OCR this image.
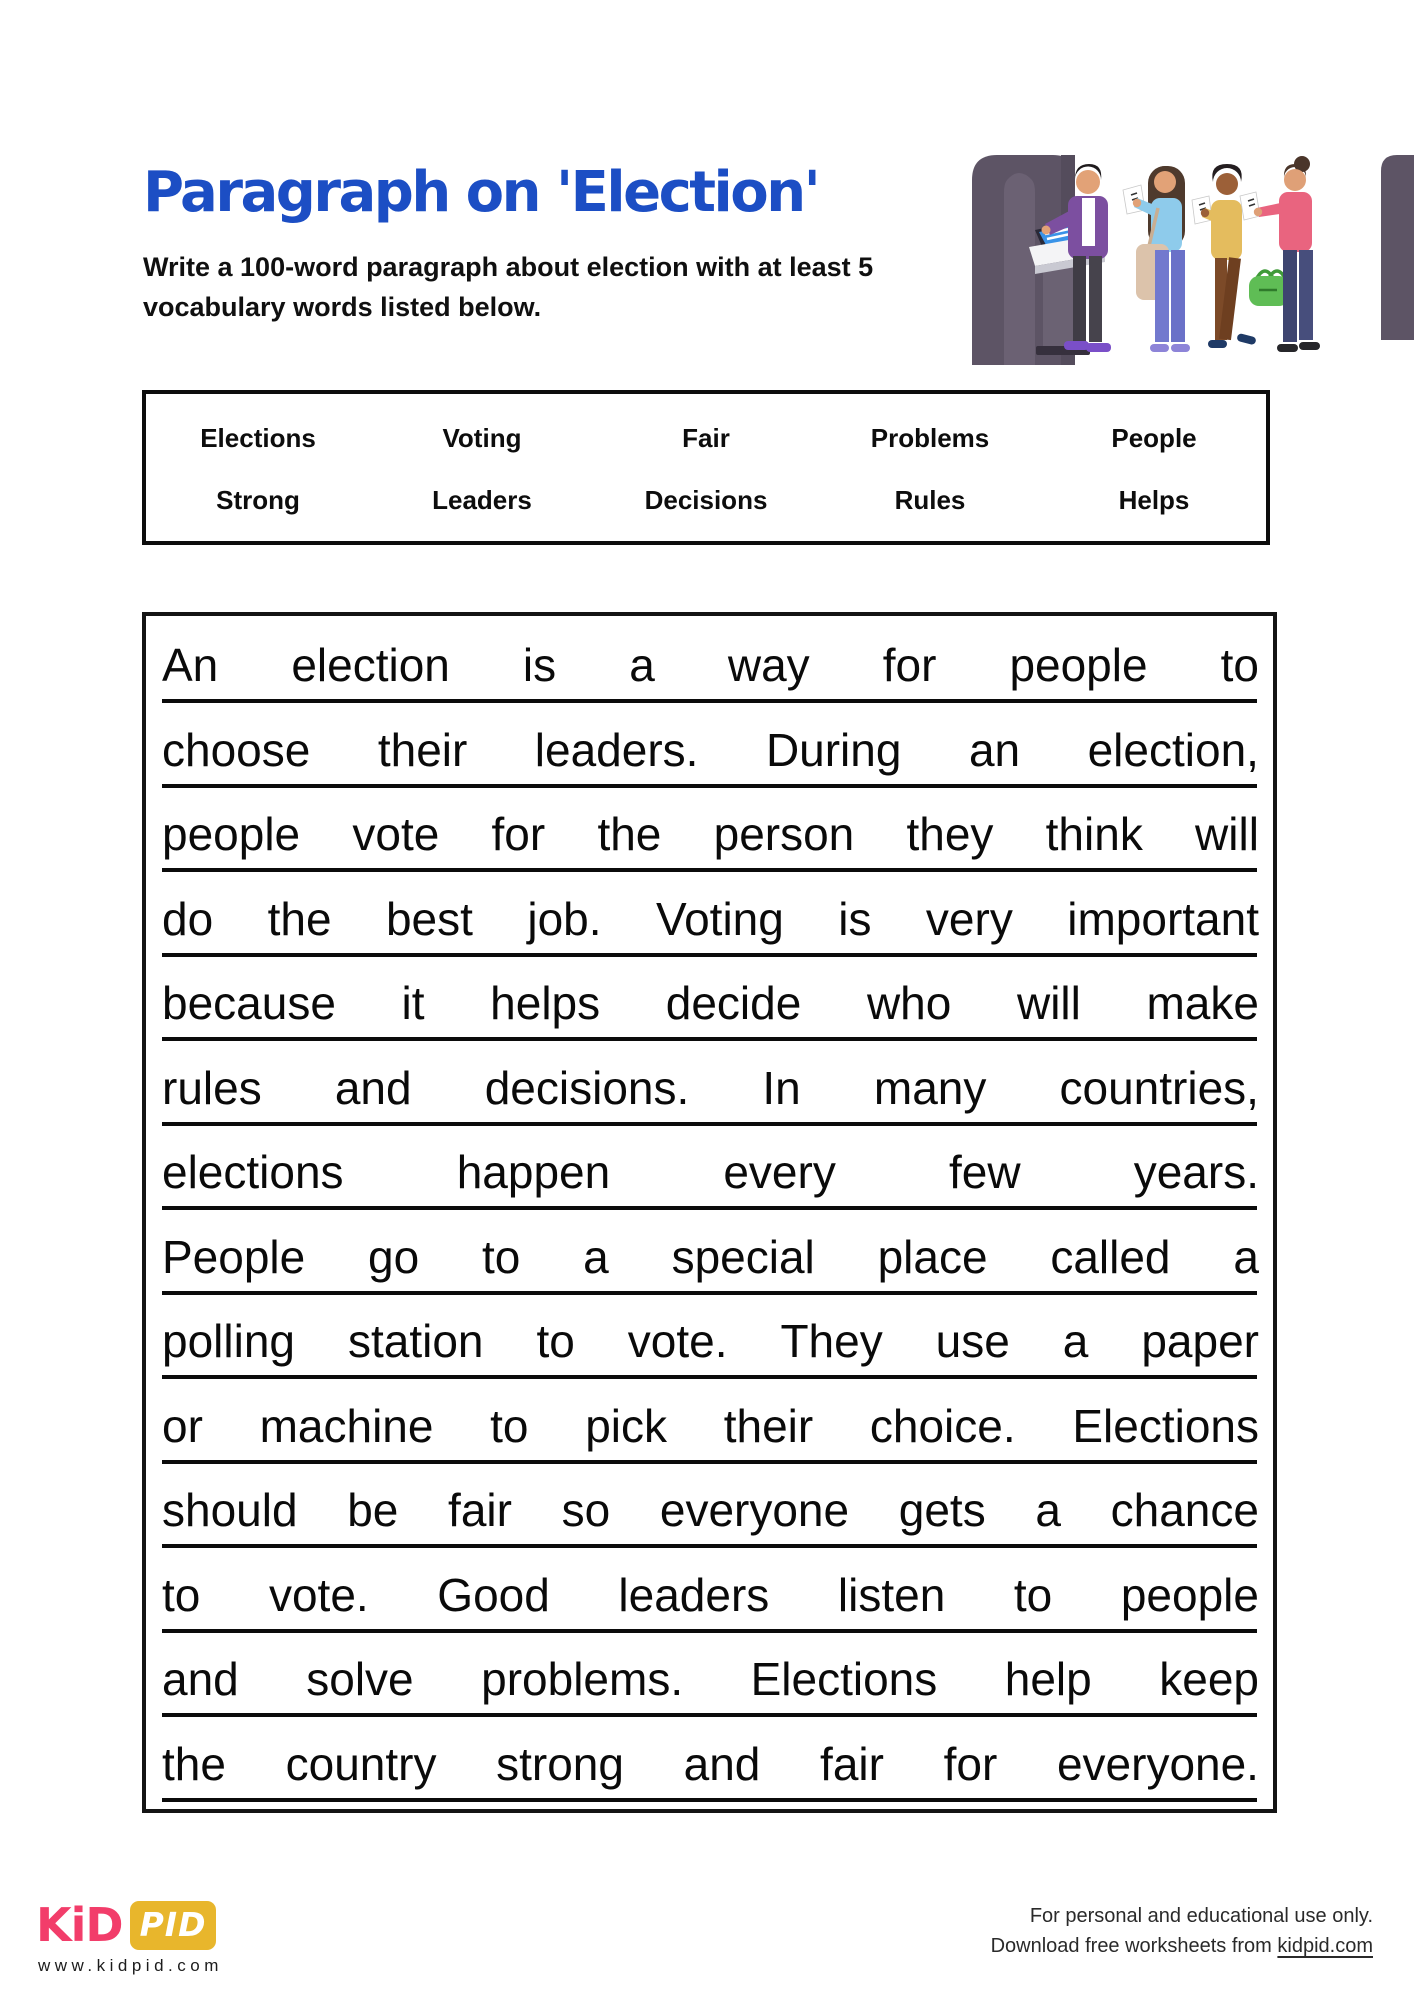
Paragraph on 'Election'
Write a 100-word paragraph about election with at least 5
vocabulary words listed below.
Elections	Voting	Fair	Problems	People
Strong	Leaders	Decisions	Rules	Helps
An election is a way for people to
choose their leaders. During an election,
people vote for the person they think will
do the best job. Voting is very important
because it helps decide who will make
rules and decisions. In many countries,
elections happen every few years.
People go to a special place called a
polling station to vote. They use a paper
or machine to pick their choice. Elections
should be fair so everyone gets a chance
to vote. Good leaders listen to people
and solve problems. Elections help keep
the country strong and fair for everyone.
KiD PID
www.kidpid.com
For personal and educational use only.
Download free worksheets from kidpid.com
